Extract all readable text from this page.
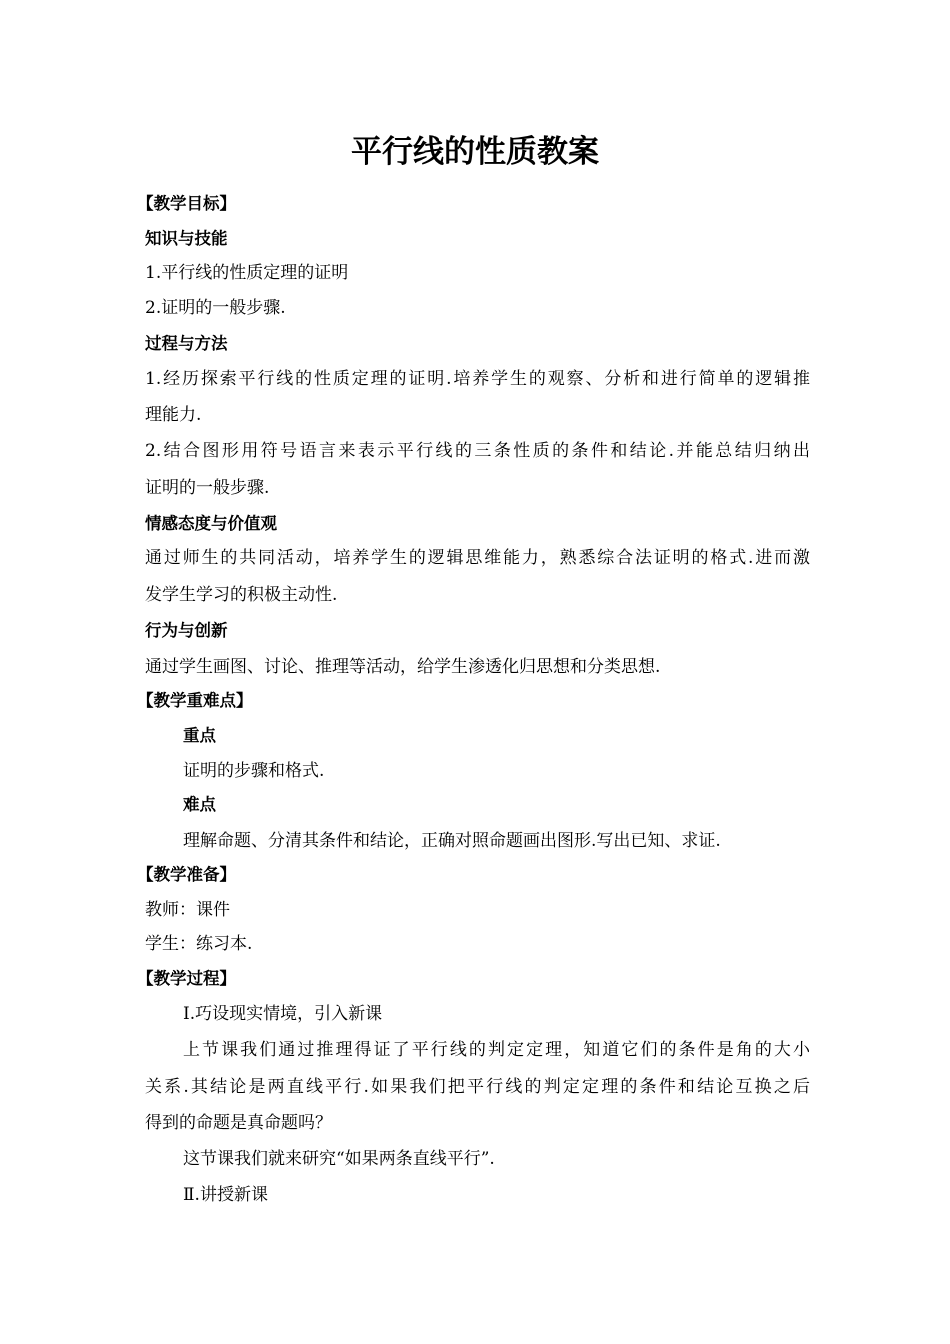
平行线的性质教案

【教学目标】

知识与技能

1.平行线的性质定理的证明

2.证明的一般步骤.

过程与方法

1.经历探索平行线的性质定理的证明.培养学生的观察、分析和进行简单的逻辑推

理能力.

2.结合图形用符号语言来表示平行线的三条性质的条件和结论.并能总结归纳出

证明的一般步骤.

情感态度与价值观

通过师生的共同活动，培养学生的逻辑思维能力，熟悉综合法证明的格式.进而激

发学生学习的积极主动性.

行为与创新

通过学生画图、讨论、推理等活动，给学生渗透化归思想和分类思想.

【教学重难点】

重点

证明的步骤和格式.

难点

理解命题、分清其条件和结论，正确对照命题画出图形.写出已知、求证.

【教学准备】

教师：课件

学生：练习本.

【教学过程】

Ⅰ.巧设现实情境，引入新课

上节课我们通过推理得证了平行线的判定定理，知道它们的条件是角的大小

关系.其结论是两直线平行.如果我们把平行线的判定定理的条件和结论互换之后

得到的命题是真命题吗？

这节课我们就来研究“如果两条直线平行”.

Ⅱ.讲授新课
